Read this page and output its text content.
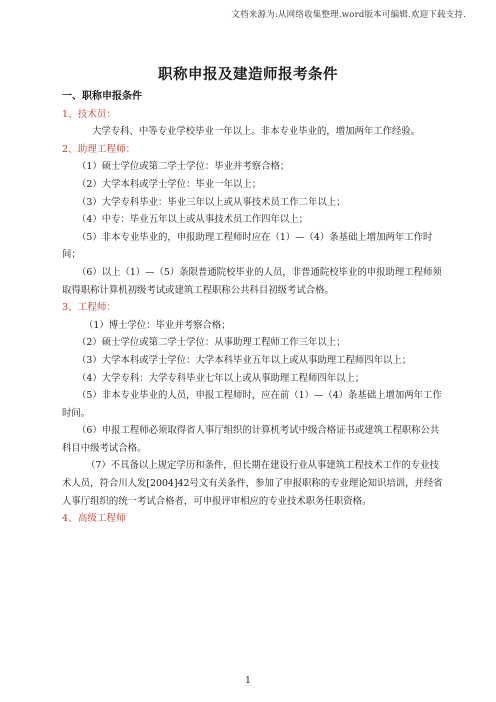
文档来源为:从网络收集整理.word版本可编辑.欢迎下载支持.
职称申报及建造师报考条件

一、职称申报条件

1、技术员：

大学专科、中等专业学校毕业一年以上。非本专业毕业的，增加两年工作经验。

2、助理工程师：

（1）硕士学位或第二学士学位：毕业并考察合格；

（2）大学本科或学士学位：毕业一年以上；

（3）大学专科毕业：毕业三年以上或从事技术员工作二年以上；

（4）中专：毕业五年以上或从事技术员工作四年以上；

（5）非本专业毕业的，申报助理工程师时应在（1）—（4）条基础上增加两年工作时间；

（6）以上（1）—（5）条限普通院校毕业的人员，非普通院校毕业的申报助理工程师须取得职称计算机初级考试或建筑工程职称公共科目初级考试合格。

3、工程师：

（1）博士学位：毕业并考察合格；

（2）硕士学位或第二学士学位：从事助理工程师工作三年以上；

（3）大学本科或学士学位：大学本科毕业五年以上或从事助理工程师四年以上；

（4）大学专科：大学专科毕业七年以上或从事助理工程师四年以上；

（5）非本专业毕业的人员，申报工程师时，应在前（1）—（4）条基础上增加两年工作时间。

（6）申报工程师必须取得省人事厅组织的计算机考试中级合格证书或建筑工程职称公共科目中级考试合格。

（7）不具备以上规定学历和条件，但长期在建设行业从事建筑工程技术工作的专业技术人员，符合川人发[2004]42号文有关条件，参加了申报职称的专业理论知识培训，并经省人事厅组织的统一考试合格者，可申报评审相应的专业技术职务任职资格。

4、高级工程师

1
